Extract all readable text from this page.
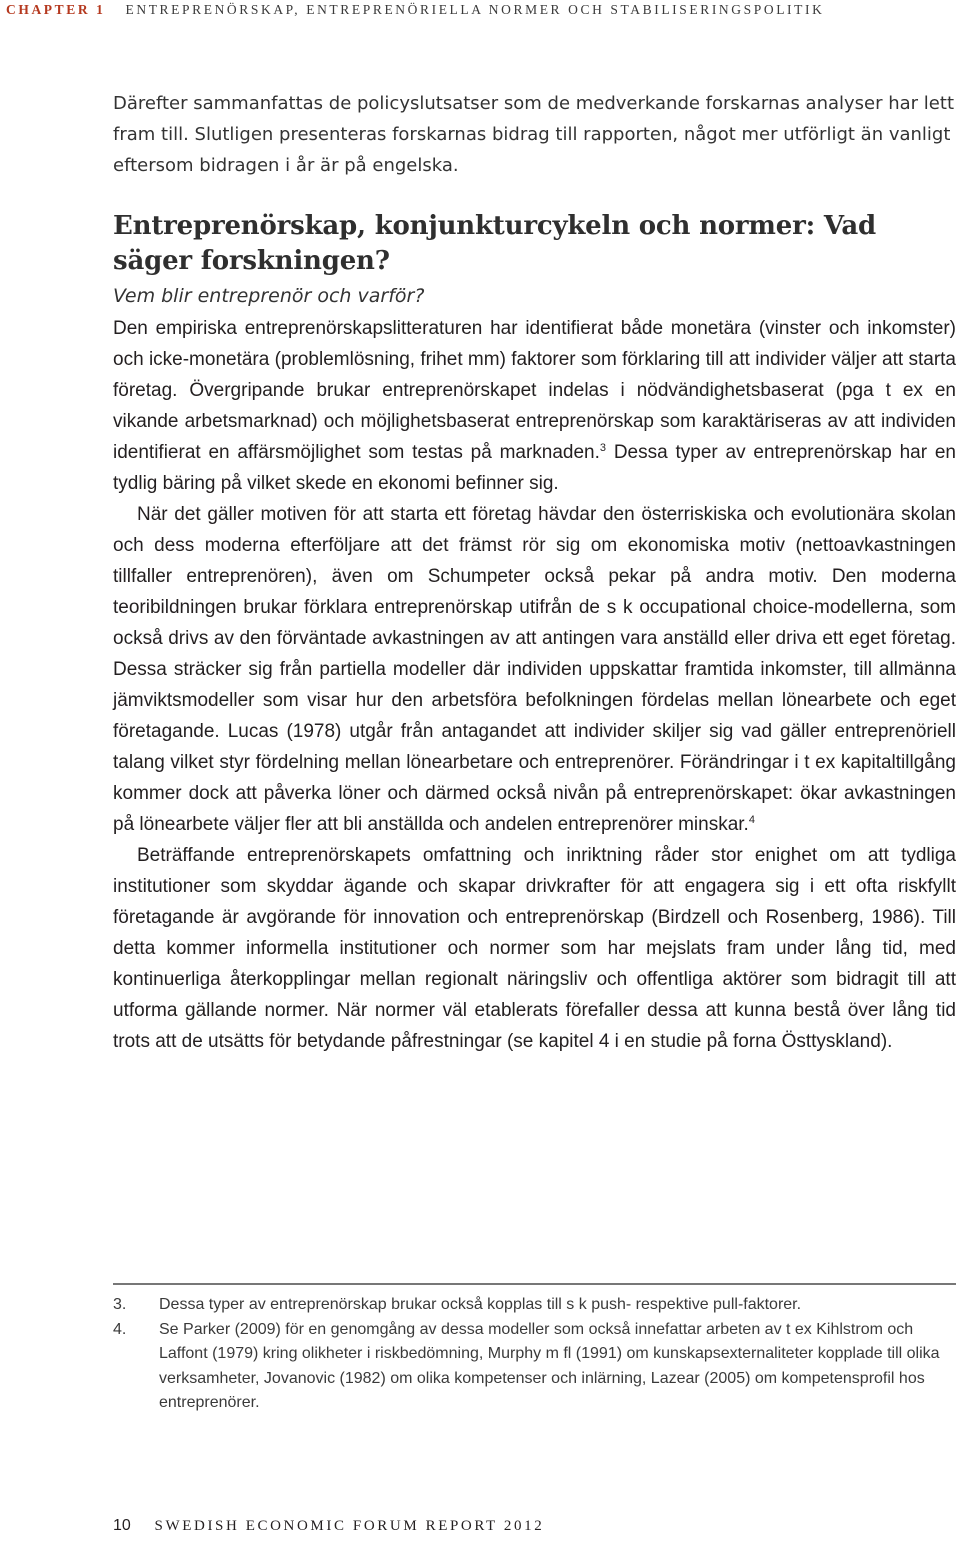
CHAPTER 1 ENTREPRENÖRSKAP, ENTREPRENÖRIELLA NORMER OCH STABILISERINGSPOLITIK

Därefter sammanfattas de policyslutsatser som de medverkande forskarnas analyser har lett fram till. Slutligen presenteras forskarnas bidrag till rapporten, något mer utförligt än vanligt eftersom bidragen i år är på engelska.

Entreprenörskap, konjunkturcykeln och normer: Vad säger forskningen?
Vem blir entreprenör och varför?

Den empiriska entreprenörskapslitteraturen har identifierat både monetära (vinster och inkomster) och icke-monetära (problemlösning, frihet mm) faktorer som förklaring till att individer väljer att starta företag. Övergripande brukar entreprenörskapet indelas i nödvändighetsbaserat (pga t ex en vikande arbetsmarknad) och möjlighetsbaserat entreprenörskap som karaktäriseras av att individen identifierat en affärsmöjlighet som testas på marknaden.$^3$ Dessa typer av entreprenörskap har en tydlig bäring på vilket skede en ekonomi befinner sig.

När det gäller motiven för att starta ett företag hävdar den österriskiska och evolutionära skolan och dess moderna efterföljare att det främst rör sig om ekonomiska motiv (nettoavkastningen tillfaller entreprenören), även om Schumpeter också pekar på andra motiv. Den moderna teoribildningen brukar förklara entreprenörskap utifrån de s k occupational choice-modellerna, som också drivs av den förväntade avkastningen av att antingen vara anställd eller driva ett eget företag. Dessa sträcker sig från partiella modeller där individen uppskattar framtida inkomster, till allmänna jämviktsmodeller som visar hur den arbetsföra befolkningen fördelas mellan lönearbete och eget företagande. Lucas (1978) utgår från antagandet att individer skiljer sig vad gäller entreprenöriell talang vilket styr fördelning mellan lönearbetare och entreprenörer. Förändringar i t ex kapitaltillgång kommer dock att påverka löner och därmed också nivån på entreprenörskapet: ökar avkastningen på lönearbete väljer fler att bli anställda och andelen entreprenörer minskar.$^4$

Beträffande entreprenörskapets omfattning och inriktning råder stor enighet om att tydliga institutioner som skyddar ägande och skapar drivkrafter för att engagera sig i ett ofta riskfyllt företagande är avgörande för innovation och entreprenörskap (Birdzell och Rosenberg, 1986). Till detta kommer informella institutioner och normer som har mejslats fram under lång tid, med kontinuerliga återkopplingar mellan regionalt näringsliv och offentliga aktörer som bidragit till att utforma gällande normer. När normer väl etablerats förefaller dessa att kunna bestå över lång tid trots att de utsätts för betydande påfrestningar (se kapitel 4 i en studie på forna Östtyskland).

3.	Dessa typer av entreprenörskap brukar också kopplas till s k push- respektive pull-faktorer.
4.	Se Parker (2009) för en genomgång av dessa modeller som också innefattar arbeten av t ex Kihlstrom och Laffont (1979) kring olikheter i riskbedömning, Murphy m fl (1991) om kunskapsexternaliteter kopplade till olika verksamheter, Jovanovic (1982) om olika kompetenser och inlärning, Lazear (2005) om kompetensprofil hos entreprenörer.
10 SWEDISH ECONOMIC FORUM REPORT 2012
